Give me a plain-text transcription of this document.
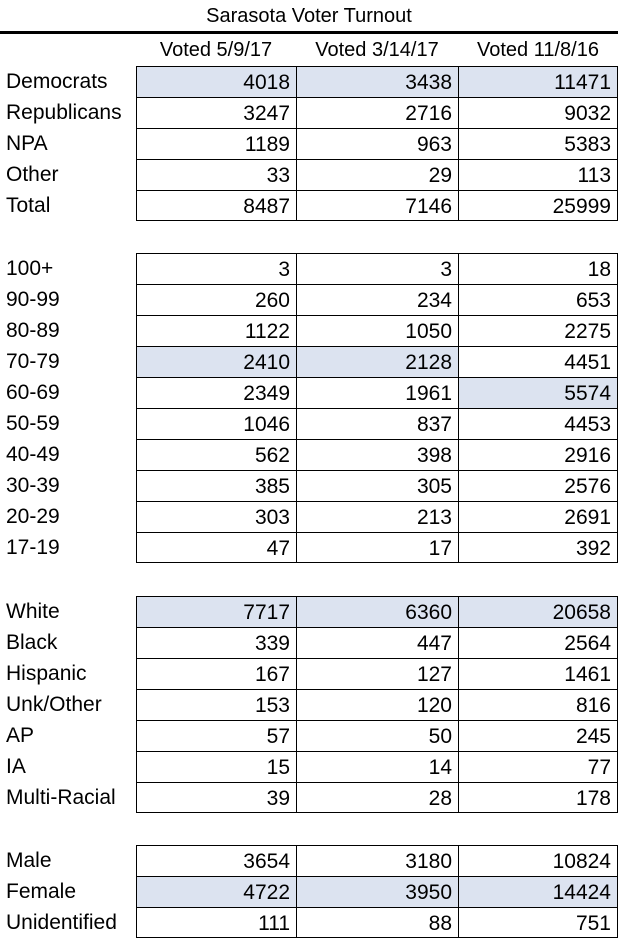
Sarasota Voter Turnout
Voted 5/9/17	Voted 3/14/17	Voted 11/8/16
Democrats	4018	3438	11471
Republicans	3247	2716	9032
NPA	1189	963	5383
Other	33	29	113
Total	8487	7146	25999
100+	3	3	18
90-99	260	234	653
80-89	1122	1050	2275
70-79	2410	2128	4451
60-69	2349	1961	5574
50-59	1046	837	4453
40-49	562	398	2916
30-39	385	305	2576
20-29	303	213	2691
17-19	47	17	392
White	7717	6360	20658
Black	339	447	2564
Hispanic	167	127	1461
Unk/Other	153	120	816
AP	57	50	245
IA	15	14	77
Multi-Racial	39	28	178
Male	3654	3180	10824
Female	4722	3950	14424
Unidentified	111	88	751
